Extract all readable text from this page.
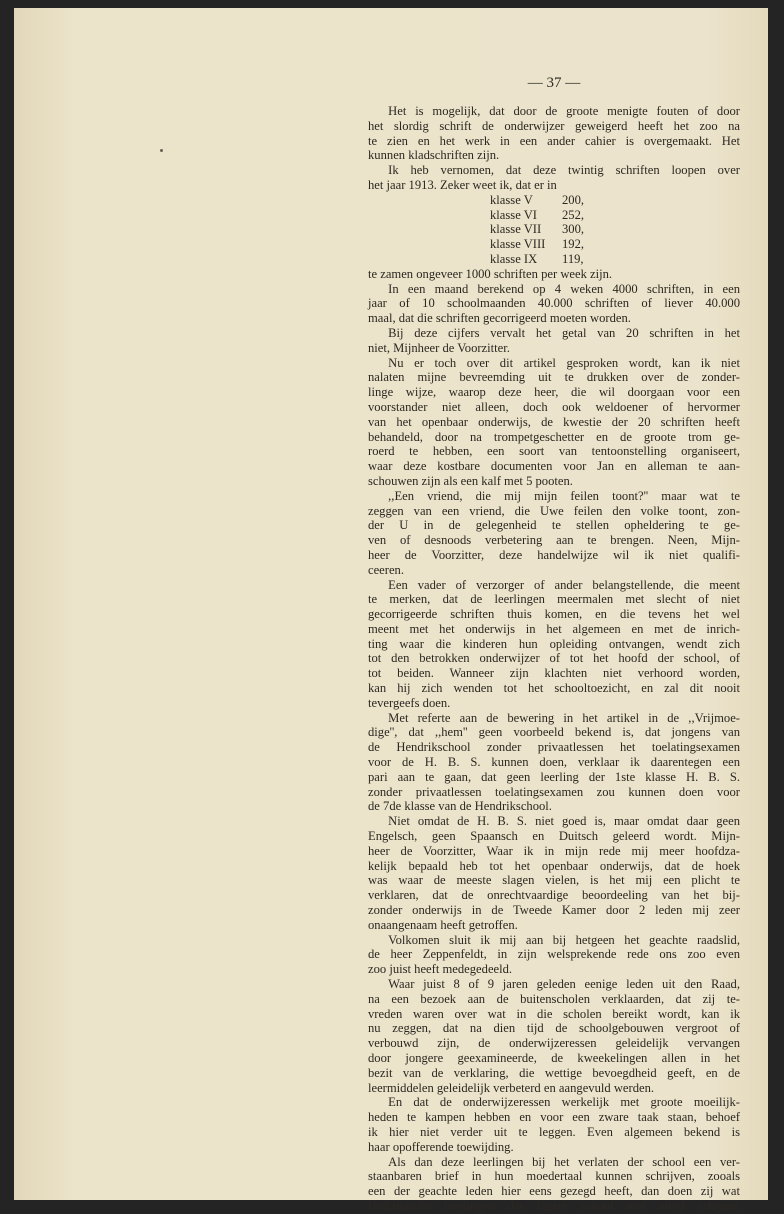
— 37 —
Het is mogelijk, dat door de groote menigte fouten of door
het slordig schrift de onderwijzer geweigerd heeft het zoo na
te zien en het werk in een ander cahier is overgemaakt. Het
kunnen kladschriften zijn.
Ik heb vernomen, dat deze twintig schriften loopen over
het jaar 1913. Zeker weet ik, dat er in
klasse V 200,
klasse VI 252,
klasse VII 300,
klasse VIII 192,
klasse IX 119,
te zamen ongeveer 1000 schriften per week zijn.
In een maand berekend op 4 weken 4000 schriften, in een
jaar of 10 schoolmaanden 40.000 schriften of liever 40.000
maal, dat die schriften gecorrigeerd moeten worden.
Bij deze cijfers vervalt het getal van 20 schriften in het
niet, Mijnheer de Voorzitter.
Nu er toch over dit artikel gesproken wordt, kan ik niet
nalaten mijne bevreemding uit te drukken over de zonder-
linge wijze, waarop deze heer, die wil doorgaan voor een
voorstander niet alleen, doch ook weldoener of hervormer
van het openbaar onderwijs, de kwestie der 20 schriften heeft
behandeld, door na trompetgeschetter en de groote trom ge-
roerd te hebben, een soort van tentoonstelling organiseert,
waar deze kostbare documenten voor Jan en alleman te aan-
schouwen zijn als een kalf met 5 pooten.
,,Een vriend, die mij mijn feilen toont?'' maar wat te
zeggen van een vriend, die Uwe feilen den volke toont, zon-
der U in de gelegenheid te stellen opheldering te ge-
ven of desnoods verbetering aan te brengen. Neen, Mijn-
heer de Voorzitter, deze handelwijze wil ik niet qualifi-
ceeren.
Een vader of verzorger of ander belangstellende, die meent
te merken, dat de leerlingen meermalen met slecht of niet
gecorrigeerde schriften thuis komen, en die tevens het wel
meent met het onderwijs in het algemeen en met de inrich-
ting waar die kinderen hun opleiding ontvangen, wendt zich
tot den betrokken onderwijzer of tot het hoofd der school, of
tot beiden. Wanneer zijn klachten niet verhoord worden,
kan hij zich wenden tot het schooltoezicht, en zal dit nooit
tevergeefs doen.
Met referte aan de bewering in het artikel in de ,,Vrijmoe-
dige'', dat ,,hem'' geen voorbeeld bekend is, dat jongens van
de Hendrikschool zonder privaatlessen het toelatingsexamen
voor de H. B. S. kunnen doen, verklaar ik daarentegen een
pari aan te gaan, dat geen leerling der 1ste klasse H. B. S.
zonder privaatlessen toelatingsexamen zou kunnen doen voor
de 7de klasse van de Hendrikschool.
Niet omdat de H. B. S. niet goed is, maar omdat daar geen
Engelsch, geen Spaansch en Duitsch geleerd wordt. Mijn-
heer de Voorzitter, Waar ik in mijn rede mij meer hoofdza-
kelijk bepaald heb tot het openbaar onderwijs, dat de hoek
was waar de meeste slagen vielen, is het mij een plicht te
verklaren, dat de onrechtvaardige beoordeeling van het bij-
zonder onderwijs in de Tweede Kamer door 2 leden mij zeer
onaangenaam heeft getroffen.
Volkomen sluit ik mij aan bij hetgeen het geachte raadslid,
de heer Zeppenfeldt, in zijn welsprekende rede ons zoo even
zoo juist heeft medegedeeld.
Waar juist 8 of 9 jaren geleden eenige leden uit den Raad,
na een bezoek aan de buitenscholen verklaarden, dat zij te-
vreden waren over wat in die scholen bereikt wordt, kan ik
nu zeggen, dat na dien tijd de schoolgebouwen vergroot of
verbouwd zijn, de onderwijzeressen geleidelijk vervangen
door jongere geexamineerde, de kweekelingen allen in het
bezit van de verklaring, die wettige bevoegdheid geeft, en de
leermiddelen geleidelijk verbeterd en aangevuld werden.
En dat de onderwijzeressen werkelijk met groote moeilijk-
heden te kampen hebben en voor een zware taak staan, behoef
ik hier niet verder uit te leggen. Even algemeen bekend is
haar opofferende toewijding.
Als dan deze leerlingen bij het verlaten der school een ver-
staanbaren brief in hun moedertaal kunnen schrijven, zooals
een der geachte leden hier eens gezegd heeft, dan doen zij wat
Hollandsche leerlingen der lagere school niet altijd schijnen
